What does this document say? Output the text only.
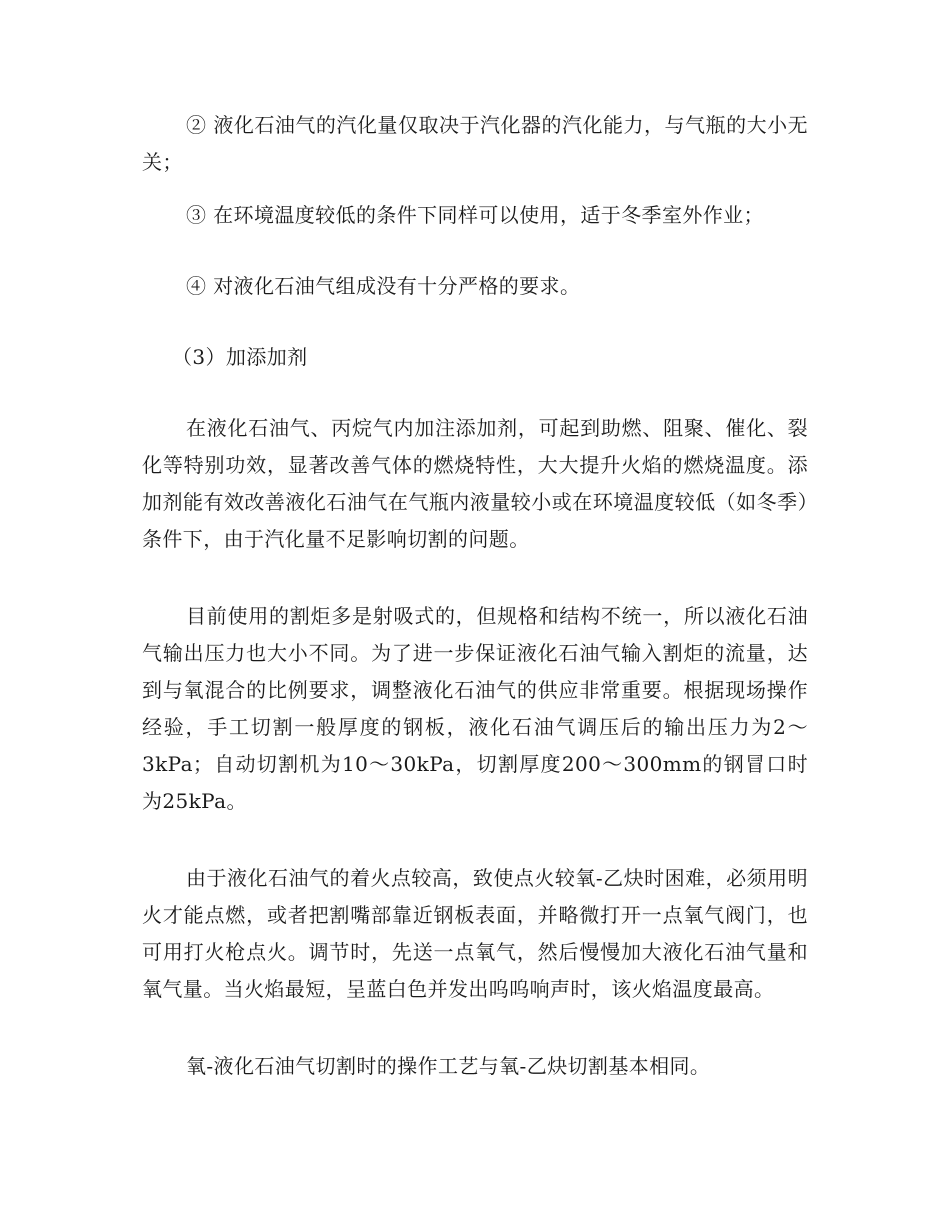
② 液化石油气的汽化量仅取决于汽化器的汽化能力，与气瓶的大小无关；

③ 在环境温度较低的条件下同样可以使用，适于冬季室外作业；

④ 对液化石油气组成没有十分严格的要求。

（3）加添加剂

在液化石油气、丙烷气内加注添加剂，可起到助燃、阻聚、催化、裂化等特别功效，显著改善气体的燃烧特性，大大提升火焰的燃烧温度。添加剂能有效改善液化石油气在气瓶内液量较小或在环境温度较低（如冬季）条件下，由于汽化量不足影响切割的问题。

目前使用的割炬多是射吸式的，但规格和结构不统一，所以液化石油气输出压力也大小不同。为了进一步保证液化石油气输入割炬的流量，达到与氧混合的比例要求，调整液化石油气的供应非常重要。根据现场操作经验，手工切割一般厚度的钢板，液化石油气调压后的输出压力为2～3kPa；自动切割机为10～30kPa，切割厚度200～300mm的钢冒口时为25kPa。

由于液化石油气的着火点较高，致使点火较氧-乙炔时困难，必须用明火才能点燃，或者把割嘴部靠近钢板表面，并略微打开一点氧气阀门，也可用打火枪点火。调节时，先送一点氧气，然后慢慢加大液化石油气量和氧气量。当火焰最短，呈蓝白色并发出呜呜响声时，该火焰温度最高。

氧-液化石油气切割时的操作工艺与氧-乙炔切割基本相同。
